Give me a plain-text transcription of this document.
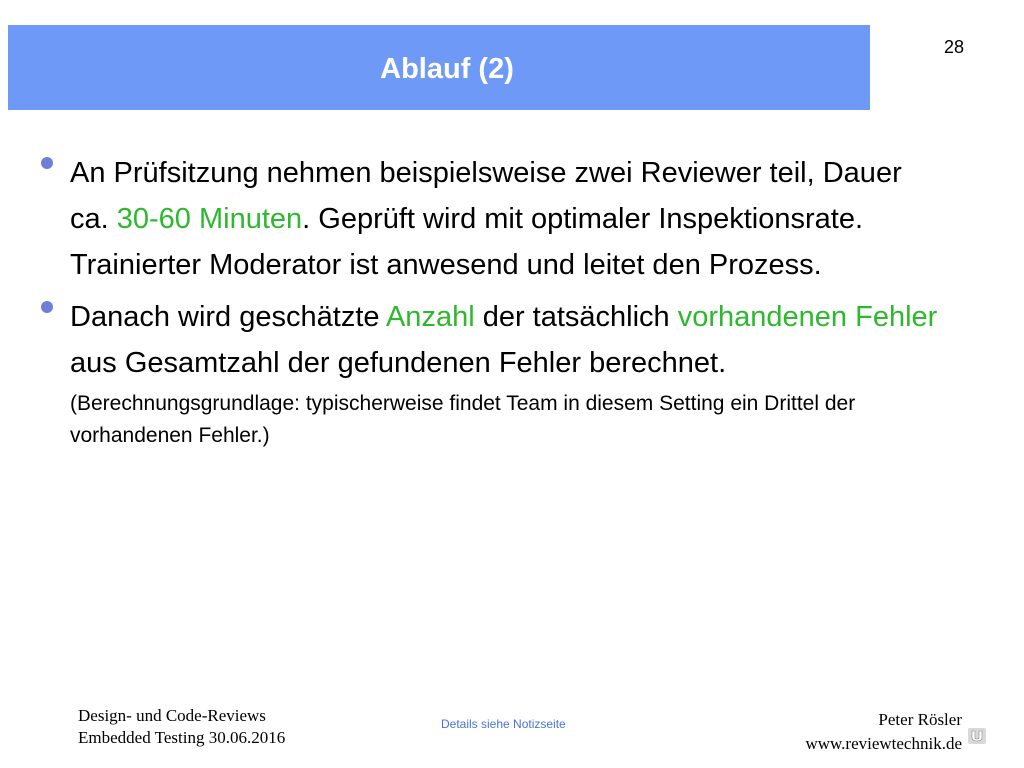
Ablauf (2)
28
An Prüfsitzung nehmen beispielsweise zwei Reviewer teil, Dauer ca. 30-60 Minuten. Geprüft wird mit optimaler Inspektionsrate. Trainierter Moderator ist anwesend und leitet den Prozess.
Danach wird geschätzte Anzahl der tatsächlich vorhandenen Fehler aus Gesamtzahl der gefundenen Fehler berechnet.
(Berechnungsgrundlage: typischerweise findet Team in diesem Setting ein Drittel der vorhandenen Fehler.)
Design- und Code-Reviews
Embedded Testing 30.06.2016
Details siehe Notizseite	Peter Rösler
www.reviewtechnik.de
